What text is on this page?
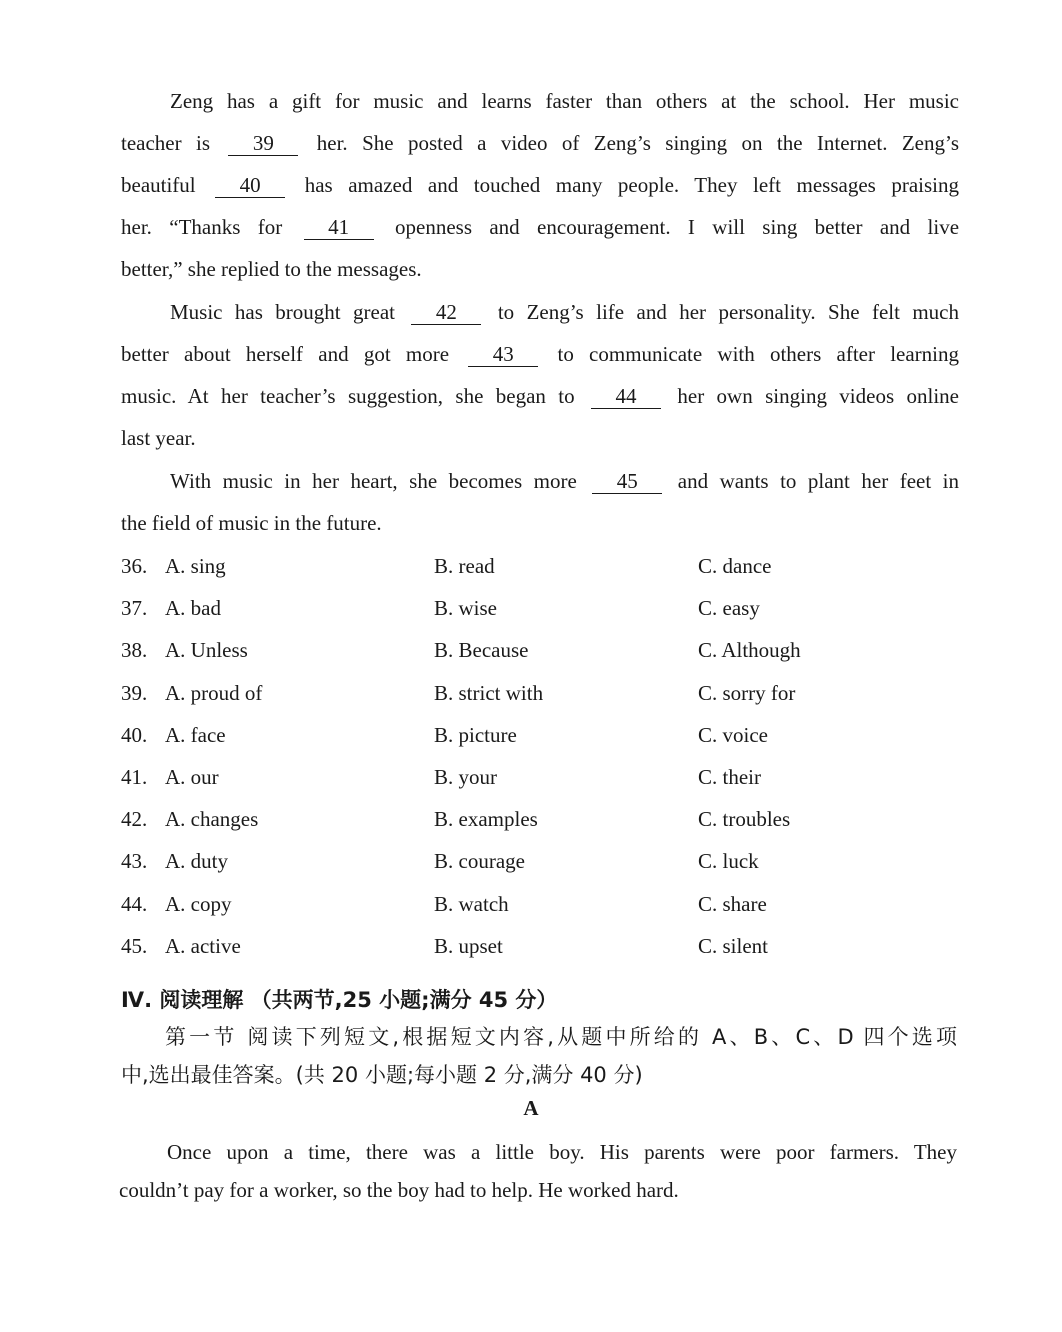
Zeng has a gift for music and learns faster than others at the school. Her music
teacher is 39 her. She posted a video of Zeng’s singing on the Internet. Zeng’s
beautiful 40 has amazed and touched many people. They left messages praising
her. “Thanks for 41 openness and encouragement. I will sing better and live
better,” she replied to the messages.
Music has brought great 42 to Zeng’s life and her personality. She felt much
better about herself and got more 43 to communicate with others after learning
music. At her teacher’s suggestion, she began to 44 her own singing videos online
last year.
With music in her heart, she becomes more 45 and wants to plant her feet in
the field of music in the future.
36. A. sing	B. read	C. dance
37. A. bad	B. wise	C. easy
38. A. Unless	B. Because	C. Although
39. A. proud of	B. strict with	C. sorry for
40. A. face	B. picture	C. voice
41. A. our	B. your	C. their
42. A. changes	B. examples	C. troubles
43. A. duty	B. courage	C. luck
44. A. copy	B. watch	C. share
45. A. active	B. upset	C. silent
Ⅳ. 阅读理解 （共两节,25 小题;满分 45 分）
第一节 阅读下列短文,根据短文内容,从题中所给的 A、B、C、D 四个选项
中,选出最佳答案。(共 20 小题;每小题 2 分,满分 40 分)
A
Once upon a time, there was a little boy. His parents were poor farmers. They
couldn’t pay for a worker, so the boy had to help. He worked hard.
